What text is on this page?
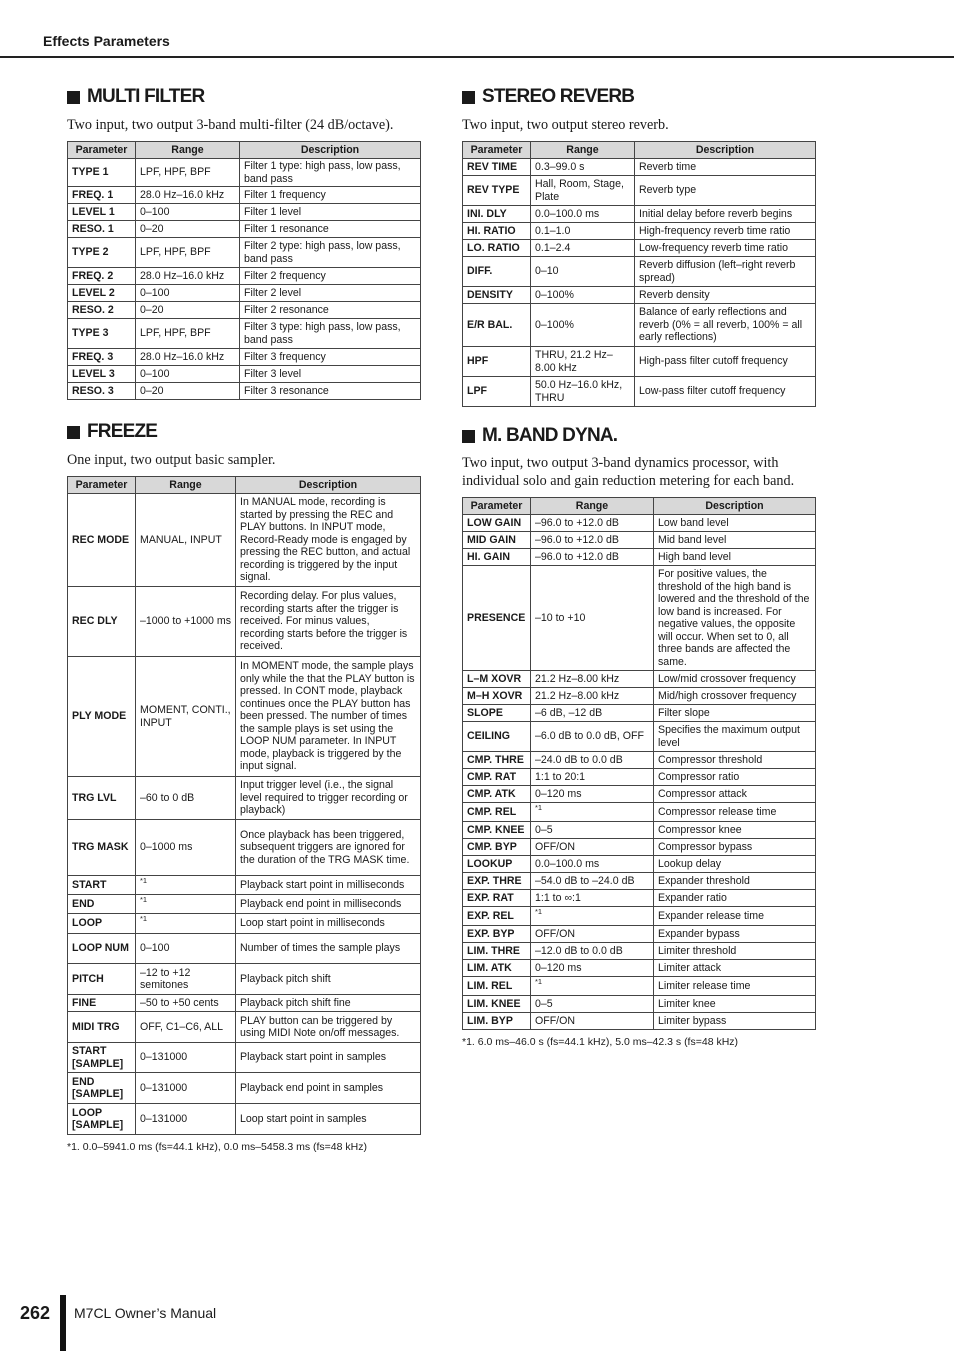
Effects Parameters
MULTI FILTER

Two input, two output 3-band multi-filter (24 dB/octave).

Parameter	Range	Description
TYPE 1	LPF, HPF, BPF	Filter 1 type: high pass, low pass, band pass
FREQ. 1	28.0 Hz–16.0 kHz	Filter 1 frequency
LEVEL 1	0–100	Filter 1 level
RESO. 1	0–20	Filter 1 resonance
TYPE 2	LPF, HPF, BPF	Filter 2 type: high pass, low pass, band pass
FREQ. 2	28.0 Hz–16.0 kHz	Filter 2 frequency
LEVEL 2	0–100	Filter 2 level
RESO. 2	0–20	Filter 2 resonance
TYPE 3	LPF, HPF, BPF	Filter 3 type: high pass, low pass, band pass
FREQ. 3	28.0 Hz–16.0 kHz	Filter 3 frequency
LEVEL 3	0–100	Filter 3 level
RESO. 3	0–20	Filter 3 resonance
FREEZE

One input, two output basic sampler.

Parameter	Range	Description
REC MODE	MANUAL, INPUT	In MANUAL mode, recording is started by pressing the REC and PLAY buttons. In INPUT mode, Record-Ready mode is engaged by pressing the REC button, and actual recording is triggered by the input signal.
REC DLY	–1000 to +1000 ms	Recording delay. For plus values, recording starts after the trigger is received. For minus values, recording starts before the trigger is received.
PLY MODE	MOMENT, CONTI., INPUT	In MOMENT mode, the sample plays only while the that the PLAY button is pressed. In CONT mode, playback continues once the PLAY button has been pressed. The number of times the sample plays is set using the LOOP NUM parameter. In INPUT mode, playback is triggered by the input signal.
TRG LVL	–60 to 0 dB	Input trigger level (i.e., the signal level required to trigger recording or playback)
TRG MASK	0–1000 ms	Once playback has been triggered, subsequent triggers are ignored for the duration of the TRG MASK time.
START	$^{*1}$	Playback start point in milliseconds
END	$^{*1}$	Playback end point in milliseconds
LOOP	$^{*1}$	Loop start point in milliseconds
LOOP NUM	0–100	Number of times the sample plays
PITCH	–12 to +12 semitones	Playback pitch shift
FINE	–50 to +50 cents	Playback pitch shift fine
MIDI TRG	OFF, C1–C6, ALL	PLAY button can be triggered by using MIDI Note on/off messages.
START [SAMPLE]	0–131000	Playback start point in samples
END [SAMPLE]	0–131000	Playback end point in samples
LOOP [SAMPLE]	0–131000	Loop start point in samples
*1. 0.0–5941.0 ms (fs=44.1 kHz), 0.0 ms–5458.3 ms (fs=48 kHz)
STEREO REVERB

Two input, two output stereo reverb.

Parameter	Range	Description
REV TIME	0.3–99.0 s	Reverb time
REV TYPE	Hall, Room, Stage, Plate	Reverb type
INI. DLY	0.0–100.0 ms	Initial delay before reverb begins
HI. RATIO	0.1–1.0	High-frequency reverb time ratio
LO. RATIO	0.1–2.4	Low-frequency reverb time ratio
DIFF.	0–10	Reverb diffusion (left–right reverb spread)
DENSITY	0–100%	Reverb density
E/R BAL.	0–100%	Balance of early reflections and reverb (0% = all reverb, 100% = all early reflections)
HPF	THRU, 21.2 Hz–8.00 kHz	High-pass filter cutoff frequency
LPF	50.0 Hz–16.0 kHz, THRU	Low-pass filter cutoff frequency
M. BAND DYNA.

Two input, two output 3-band dynamics processor, with individual solo and gain reduction metering for each band.

Parameter	Range	Description
LOW GAIN	–96.0 to +12.0 dB	Low band level
MID GAIN	–96.0 to +12.0 dB	Mid band level
HI. GAIN	–96.0 to +12.0 dB	High band level
PRESENCE	–10 to +10	For positive values, the threshold of the high band is lowered and the threshold of the low band is increased. For negative values, the opposite will occur. When set to 0, all three bands are affected the same.
L–M XOVR	21.2 Hz–8.00 kHz	Low/mid crossover frequency
M–H XOVR	21.2 Hz–8.00 kHz	Mid/high crossover frequency
SLOPE	–6 dB, –12 dB	Filter slope
CEILING	–6.0 dB to 0.0 dB, OFF	Specifies the maximum output level
CMP. THRE	–24.0 dB to 0.0 dB	Compressor threshold
CMP. RAT	1:1 to 20:1	Compressor ratio
CMP. ATK	0–120 ms	Compressor attack
CMP. REL	$^{*1}$	Compressor release time
CMP. KNEE	0–5	Compressor knee
CMP. BYP	OFF/ON	Compressor bypass
LOOKUP	0.0–100.0 ms	Lookup delay
EXP. THRE	–54.0 dB to –24.0 dB	Expander threshold
EXP. RAT	1:1 to ∞:1	Expander ratio
EXP. REL	$^{*1}$	Expander release time
EXP. BYP	OFF/ON	Expander bypass
LIM. THRE	–12.0 dB to 0.0 dB	Limiter threshold
LIM. ATK	0–120 ms	Limiter attack
LIM. REL	$^{*1}$	Limiter release time
LIM. KNEE	0–5	Limiter knee
LIM. BYP	OFF/ON	Limiter bypass
*1. 6.0 ms–46.0 s (fs=44.1 kHz), 5.0 ms–42.3 s (fs=48 kHz)
262 M7CL Owner’s Manual
